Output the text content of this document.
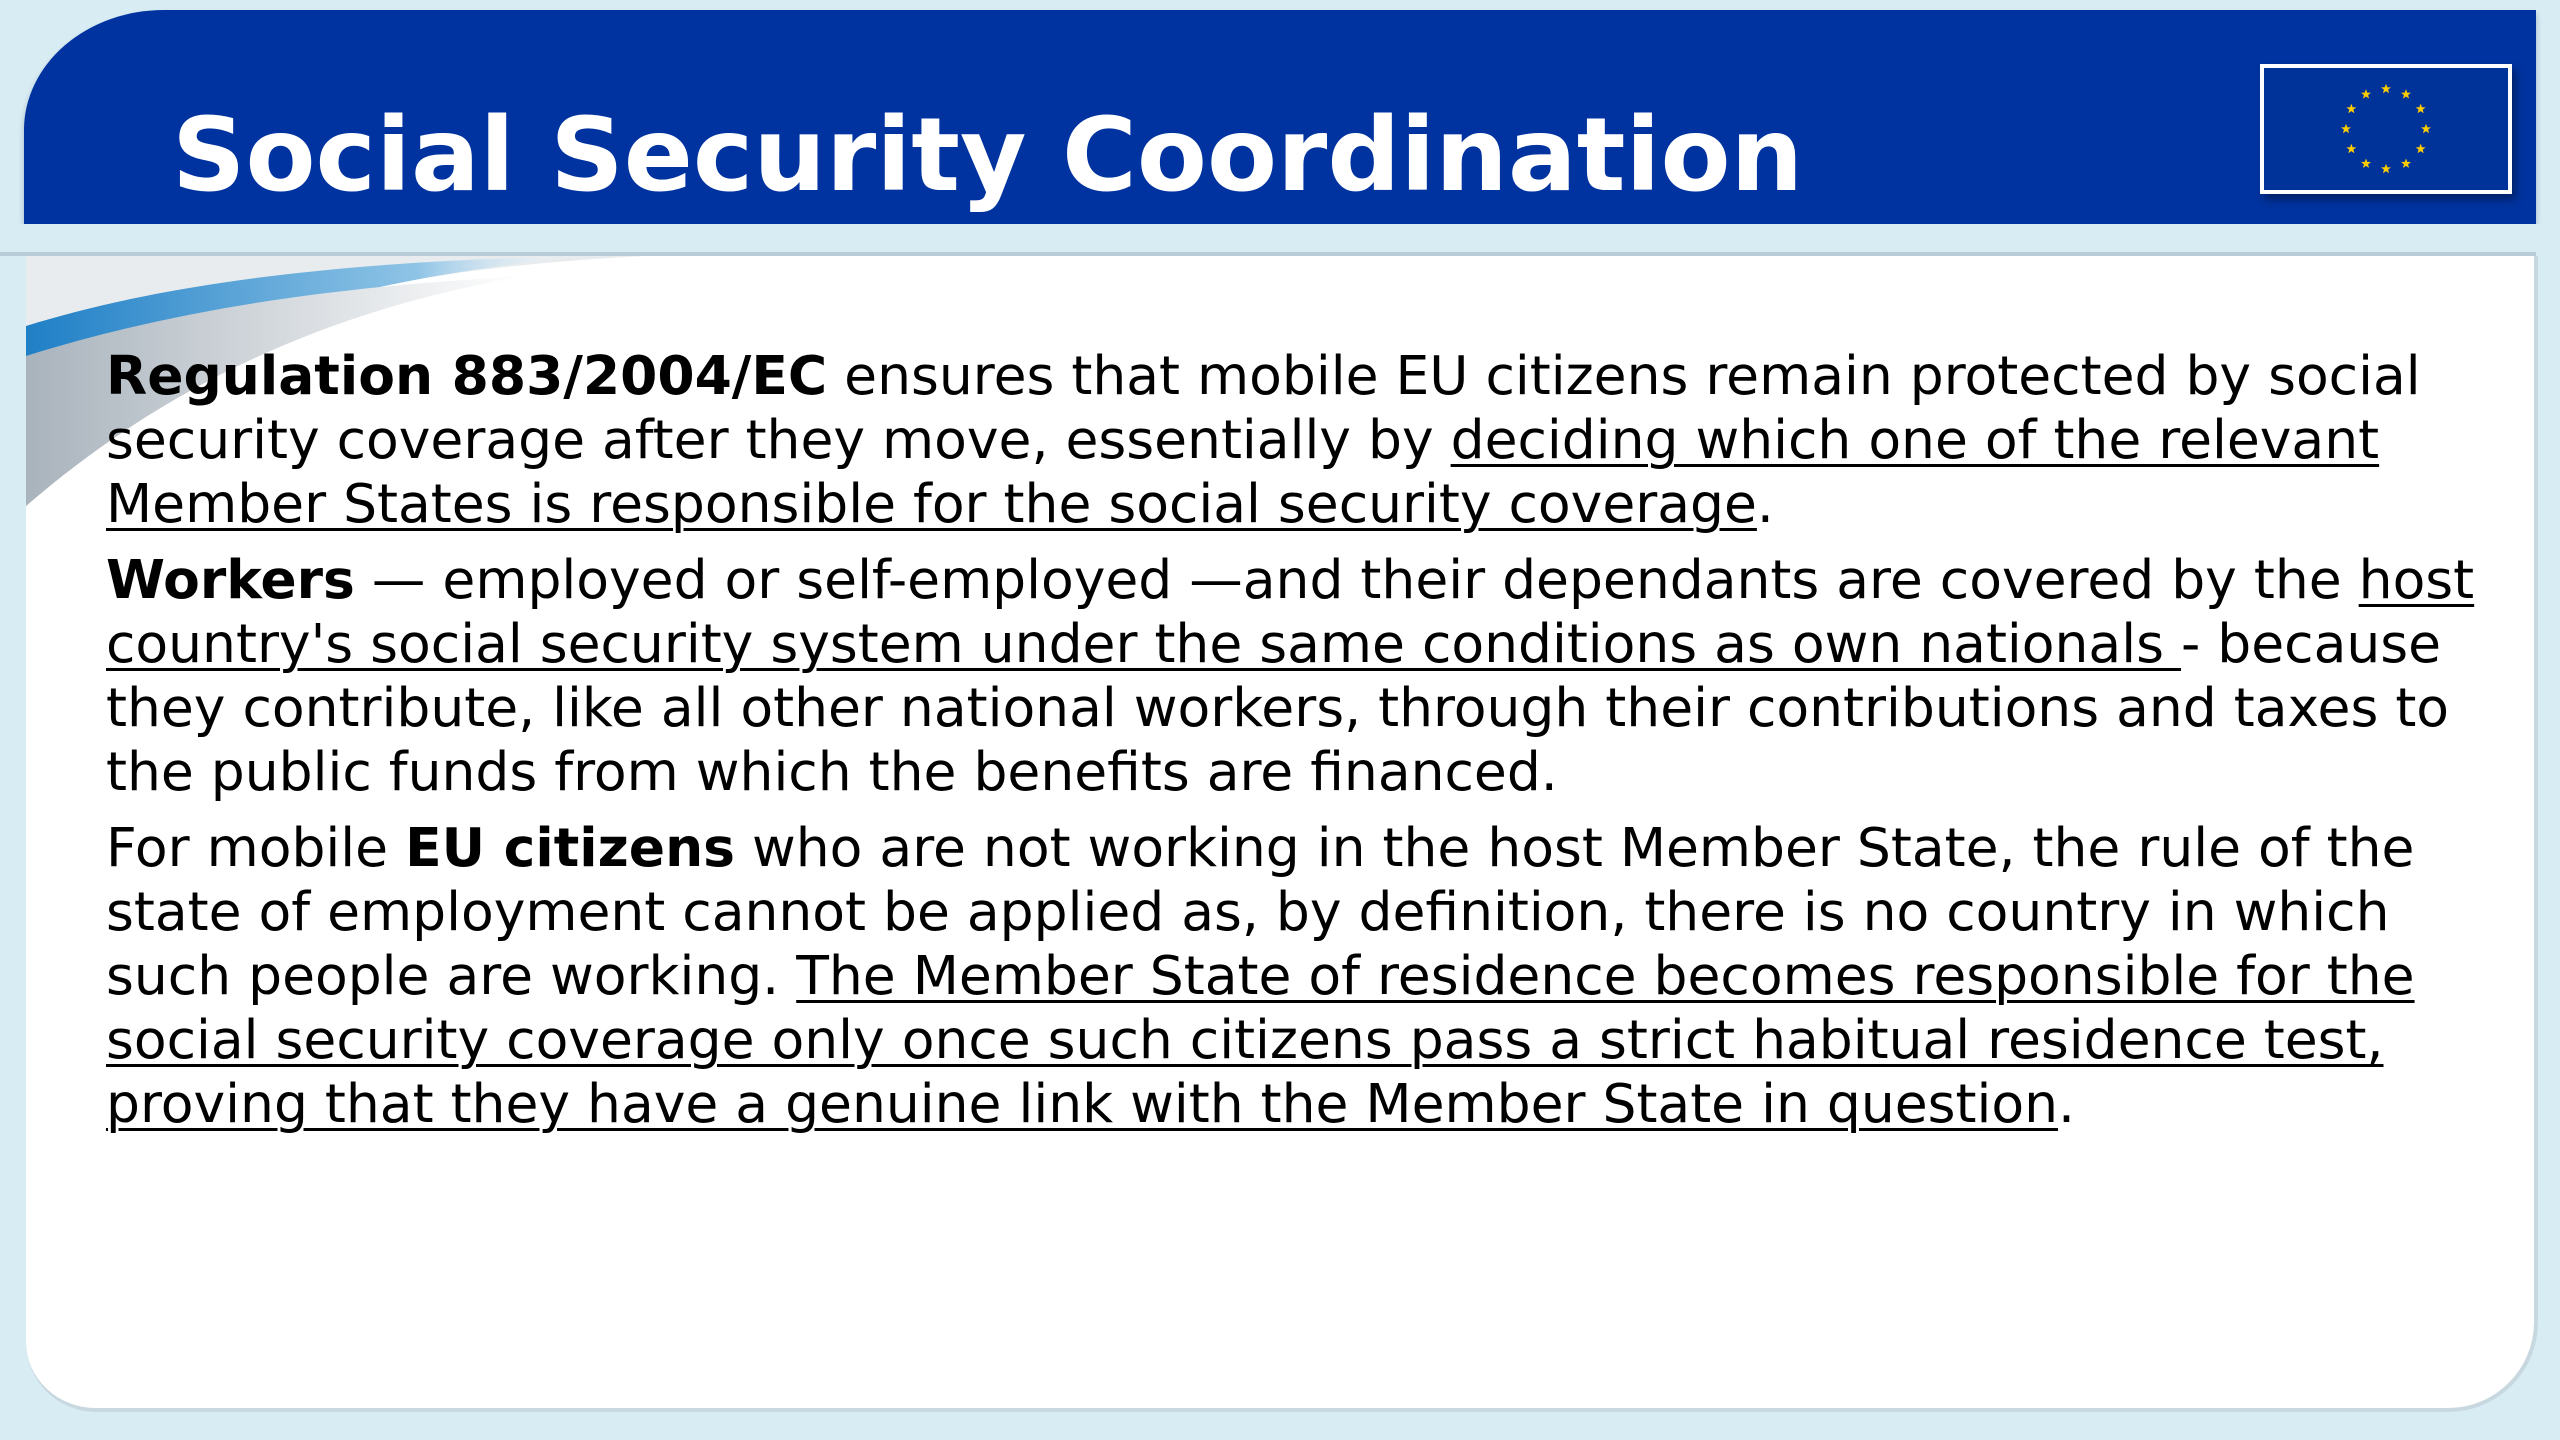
Social Security Coordination

Regulation 883/2004/EC ensures that mobile EU citizens remain protected by social security coverage after they move, essentially by deciding which one of the relevant Member States is responsible for the social security coverage.

Workers — employed or self-employed —and their dependants are covered by the host country's social security system under the same conditions as own nationals - because they contribute, like all other national workers, through their contributions and taxes to the public funds from which the benefits are financed.

For mobile EU citizens who are not working in the host Member State, the rule of the state of employment cannot be applied as, by definition, there is no country in which such people are working. The Member State of residence becomes responsible for the social security coverage only once such citizens pass a strict habitual residence test, proving that they have a genuine link with the Member State in question.
